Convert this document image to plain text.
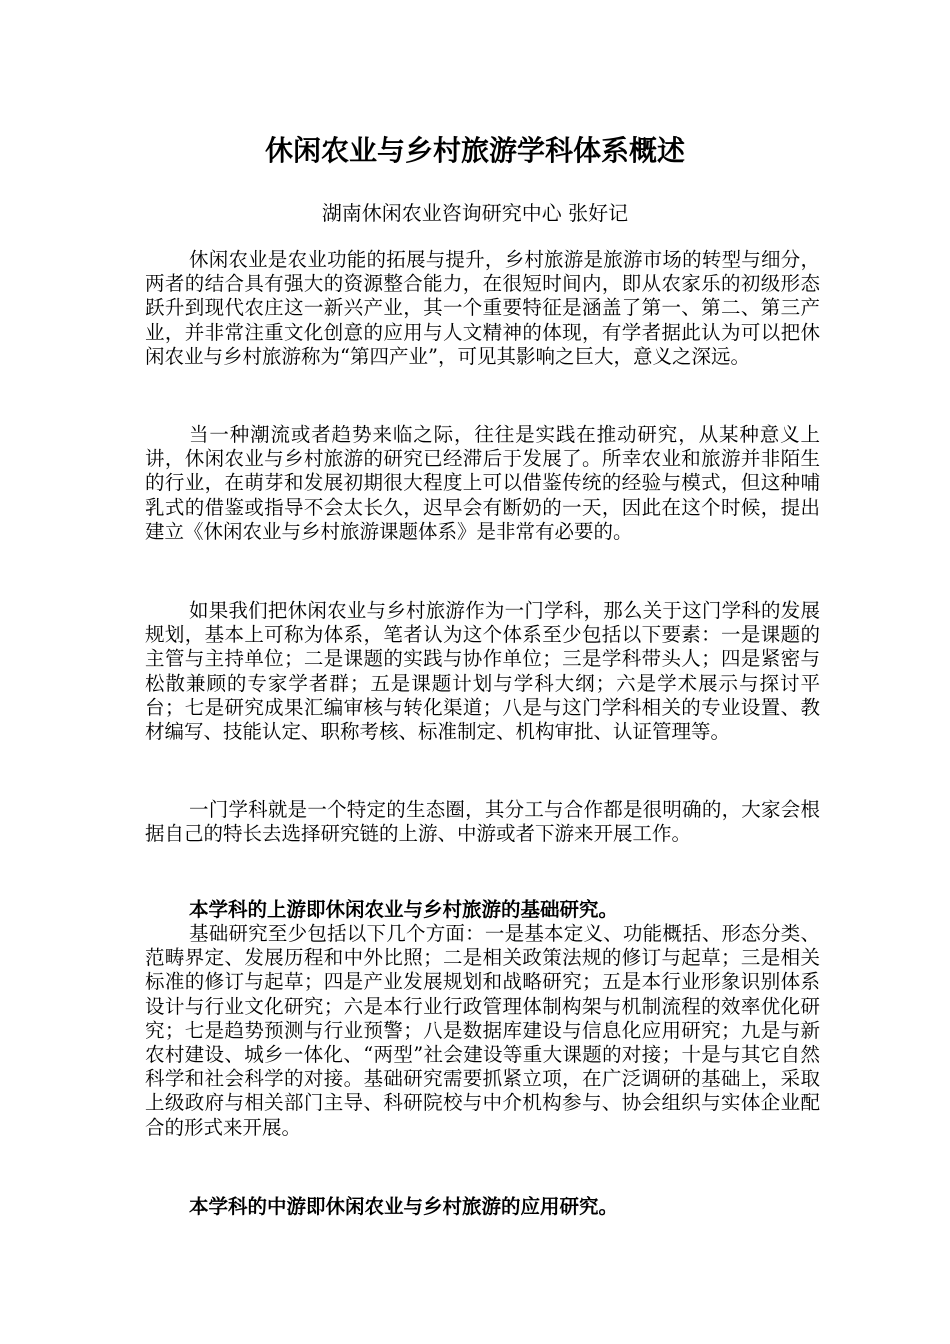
休闲农业与乡村旅游学科体系概述

湖南休闲农业咨询研究中心 张好记

休闲农业是农业功能的拓展与提升，乡村旅游是旅游市场的转型与细分，两者的结合具有强大的资源整合能力，在很短时间内，即从农家乐的初级形态跃升到现代农庄这一新兴产业，其一个重要特征是涵盖了第一、第二、第三产业，并非常注重文化创意的应用与人文精神的体现，有学者据此认为可以把休闲农业与乡村旅游称为“第四产业”，可见其影响之巨大，意义之深远。

当一种潮流或者趋势来临之际，往往是实践在推动研究，从某种意义上讲，休闲农业与乡村旅游的研究已经滞后于发展了。所幸农业和旅游并非陌生的行业，在萌芽和发展初期很大程度上可以借鉴传统的经验与模式，但这种哺乳式的借鉴或指导不会太长久，迟早会有断奶的一天，因此在这个时候，提出建立《休闲农业与乡村旅游课题体系》是非常有必要的。

如果我们把休闲农业与乡村旅游作为一门学科，那么关于这门学科的发展规划，基本上可称为体系，笔者认为这个体系至少包括以下要素：一是课题的主管与主持单位；二是课题的实践与协作单位；三是学科带头人；四是紧密与松散兼顾的专家学者群；五是课题计划与学科大纲；六是学术展示与探讨平台；七是研究成果汇编审核与转化渠道；八是与这门学科相关的专业设置、教材编写、技能认定、职称考核、标准制定、机构审批、认证管理等。

一门学科就是一个特定的生态圈，其分工与合作都是很明确的，大家会根据自己的特长去选择研究链的上游、中游或者下游来开展工作。

本学科的上游即休闲农业与乡村旅游的基础研究。

基础研究至少包括以下几个方面：一是基本定义、功能概括、形态分类、范畴界定、发展历程和中外比照；二是相关政策法规的修订与起草；三是相关标准的修订与起草；四是产业发展规划和战略研究；五是本行业形象识别体系设计与行业文化研究；六是本行业行政管理体制构架与机制流程的效率优化研究；七是趋势预测与行业预警；八是数据库建设与信息化应用研究；九是与新农村建设、城乡一体化、“两型”社会建设等重大课题的对接；十是与其它自然科学和社会科学的对接。基础研究需要抓紧立项，在广泛调研的基础上，采取上级政府与相关部门主导、科研院校与中介机构参与、协会组织与实体企业配合的形式来开展。

本学科的中游即休闲农业与乡村旅游的应用研究。
